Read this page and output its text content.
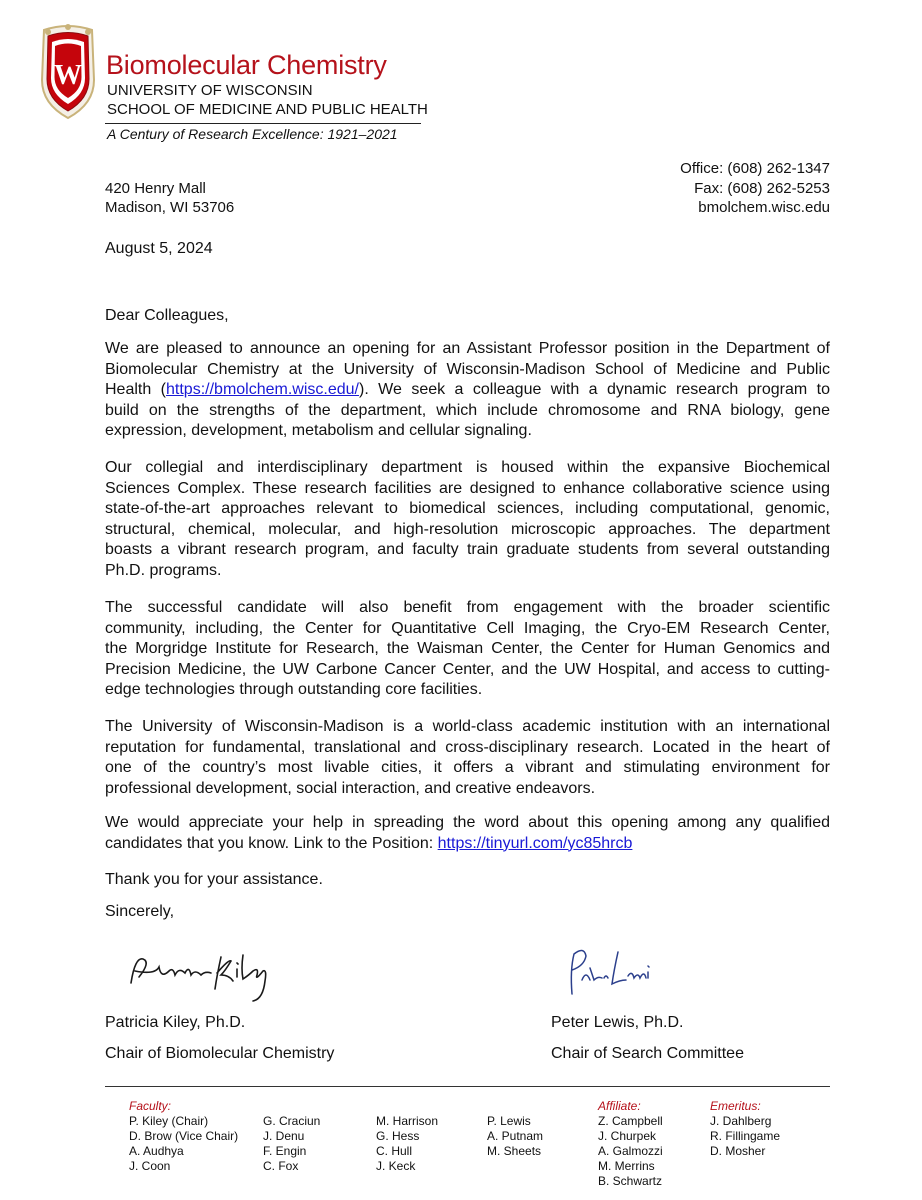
W Biomolecular Chemistry
UNIVERSITY OF WISCONSIN
SCHOOL OF MEDICINE AND PUBLIC HEALTH
A Century of Research Excellence: 1921–2021
Office: (608) 262-1347
420 Henry Mall	Fax: (608) 262-5253
Madison, WI 53706	bmolchem.wisc.edu
August 5, 2024
Dear Colleagues,
We are pleased to announce an opening for an Assistant Professor position in the Department of
Biomolecular Chemistry at the University of Wisconsin-Madison School of Medicine and Public
Health (https://bmolchem.wisc.edu/). We seek a colleague with a dynamic research program to
build on the strengths of the department, which include chromosome and RNA biology, gene
expression, development, metabolism and cellular signaling.
Our collegial and interdisciplinary department is housed within the expansive Biochemical
Sciences Complex. These research facilities are designed to enhance collaborative science using
state-of-the-art approaches relevant to biomedical sciences, including computational, genomic,
structural, chemical, molecular, and high-resolution microscopic approaches. The department
boasts a vibrant research program, and faculty train graduate students from several outstanding
Ph.D. programs.
The successful candidate will also benefit from engagement with the broader scientific
community, including, the Center for Quantitative Cell Imaging, the Cryo-EM Research Center,
the Morgridge Institute for Research, the Waisman Center, the Center for Human Genomics and
Precision Medicine, the UW Carbone Cancer Center, and the UW Hospital, and access to cutting-
edge technologies through outstanding core facilities.
The University of Wisconsin-Madison is a world-class academic institution with an international
reputation for fundamental, translational and cross-disciplinary research. Located in the heart of
one of the country’s most livable cities, it offers a vibrant and stimulating environment for
professional development, social interaction, and creative endeavors.
We would appreciate your help in spreading the word about this opening among any qualified
candidates that you know. Link to the Position: https://tinyurl.com/yc85hrcb
Thank you for your assistance.
Sincerely,
Patricia Kiley, Ph.D.
Chair of Biomolecular Chemistry
Peter Lewis, Ph.D.
Chair of Search Committee
Faculty:
P. Kiley (Chair)
D. Brow (Vice Chair)
A. Audhya
J. Coon
G. Craciun
J. Denu
F. Engin
C. Fox
M. Harrison
G. Hess
C. Hull
J. Keck
P. Lewis
A. Putnam
M. Sheets
Affiliate:
Z. Campbell
J. Churpek
A. Galmozzi
M. Merrins
B. Schwartz
Emeritus:
J. Dahlberg
R. Fillingame
D. Mosher
